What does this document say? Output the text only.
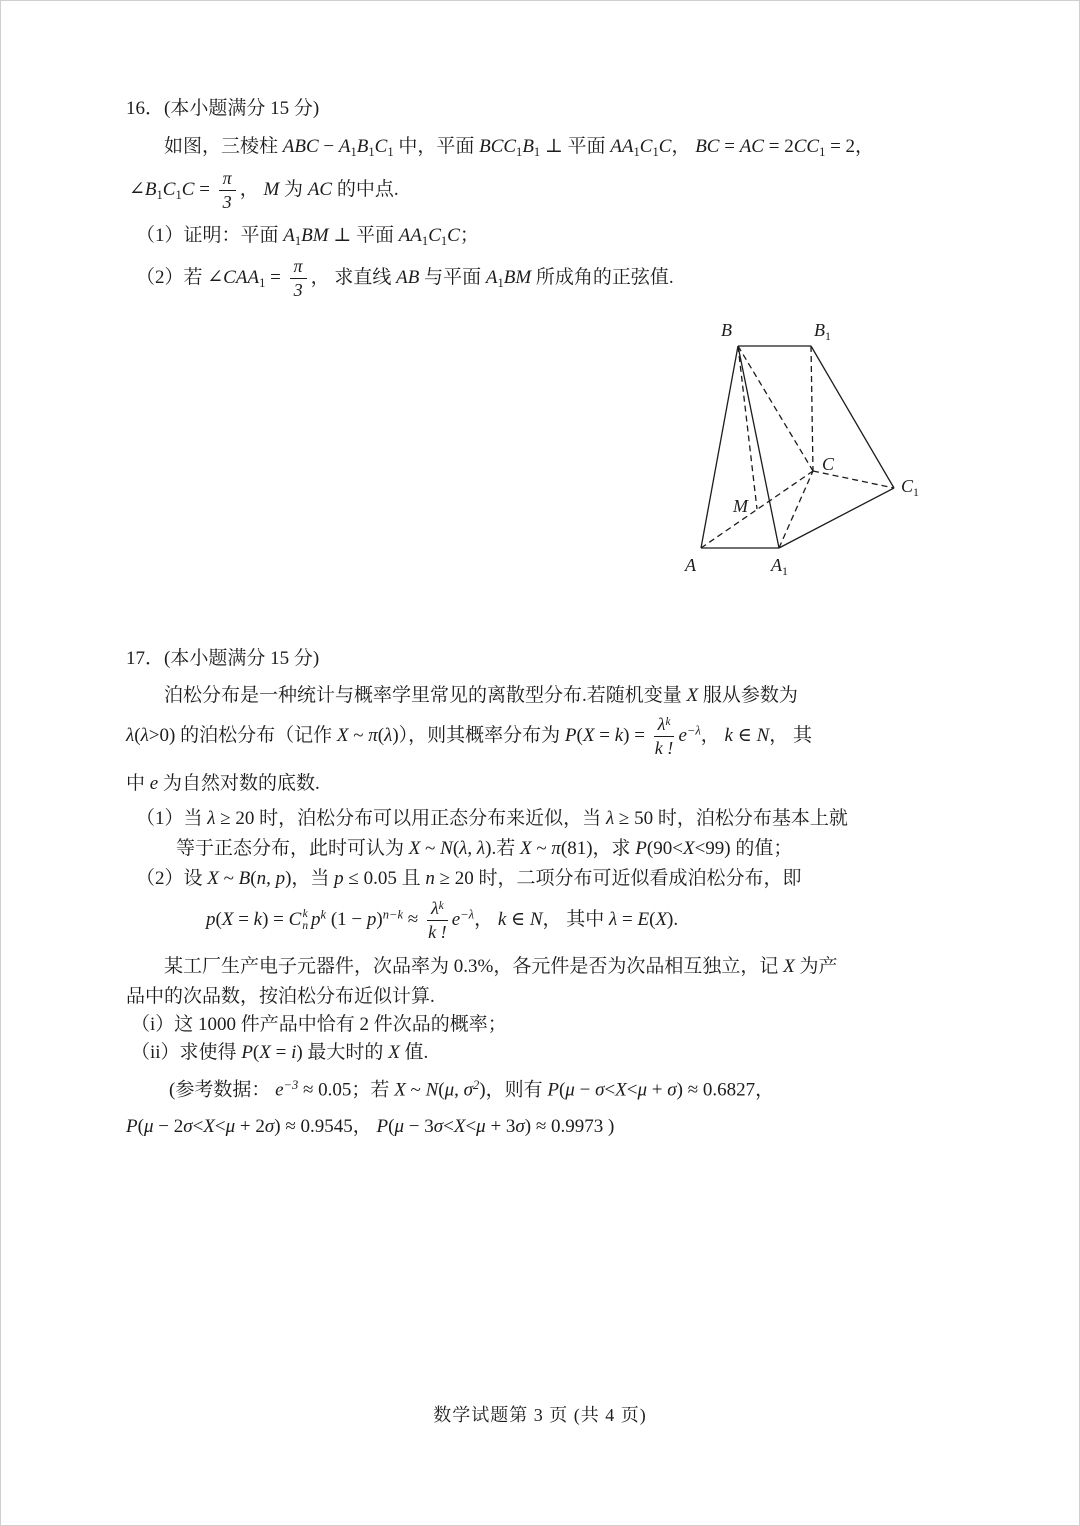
16．(本小题满分 15 分)
如图，三棱柱 ABC − $A_1B_1C_1$ 中，平面 $BCC_1B_1$ ⊥ 平面 $AA_1C_1C$， BC = AC = $2CC_1 = 2$，
$\angle B_1C_1C = \frac{\pi}{3}$ ， M 为 AC 的中点.
（1）证明：平面 $A_1BM$ ⊥ 平面 $AA_1C_1C$；
（2）若 $\angle CAA_1 = \frac{\pi}{3}$ ， 求直线 AB 与平面 $A_1BM$ 所成角的正弦值.
B	$B_1$
C
$C_1$
M
A	$A_1$
17．(本小题满分 15 分)
泊松分布是一种统计与概率学里常见的离散型分布.若随机变量 X 服从参数为
λ(λ>0) 的泊松分布（记作 X ~ π(λ)），则其概率分布为 $P(X = k) = \frac{\lambda^k}{k !} e^{-\lambda}$， k ∈ N， 其
中 e 为自然对数的底数.
（1）当 λ ≥ 20 时，泊松分布可以用正态分布来近似，当 λ ≥ 50 时，泊松分布基本上就
等于正态分布，此时可认为 X ~ N(λ, λ).若 X ~ π(81)，求 P(90<X<99) 的值；
（2）设 X ~ B(n, p)，当 p ≤ 0.05 且 n ≥ 20 时，二项分布可近似看成泊松分布，即
p(X = k) = C k
n $p^k$ $(1 - p)^{n-k} \approx \frac{\lambda^k}{k !} e^{-\lambda}$， k ∈ N， 其中 λ = E(X).
某工厂生产电子元器件，次品率为 0.3%，各元件是否为次品相互独立，记 X 为产
品中的次品数，按泊松分布近似计算.
（i）这 1000 件产品中恰有 2 件次品的概率；
（ii）求使得 P(X = i) 最大时的 X 值.
(参考数据： $e^{-3} \approx 0.05$；若 X ~ N(μ, $\sigma^2$)，则有 P(μ − σ<X<μ + σ) ≈ 0.6827，
P(μ − 2σ<X<μ + 2σ) ≈ 0.9545， P(μ − 3σ<X<μ + 3σ) ≈ 0.9973 )
数学试题第 3 页 (共 4 页)
